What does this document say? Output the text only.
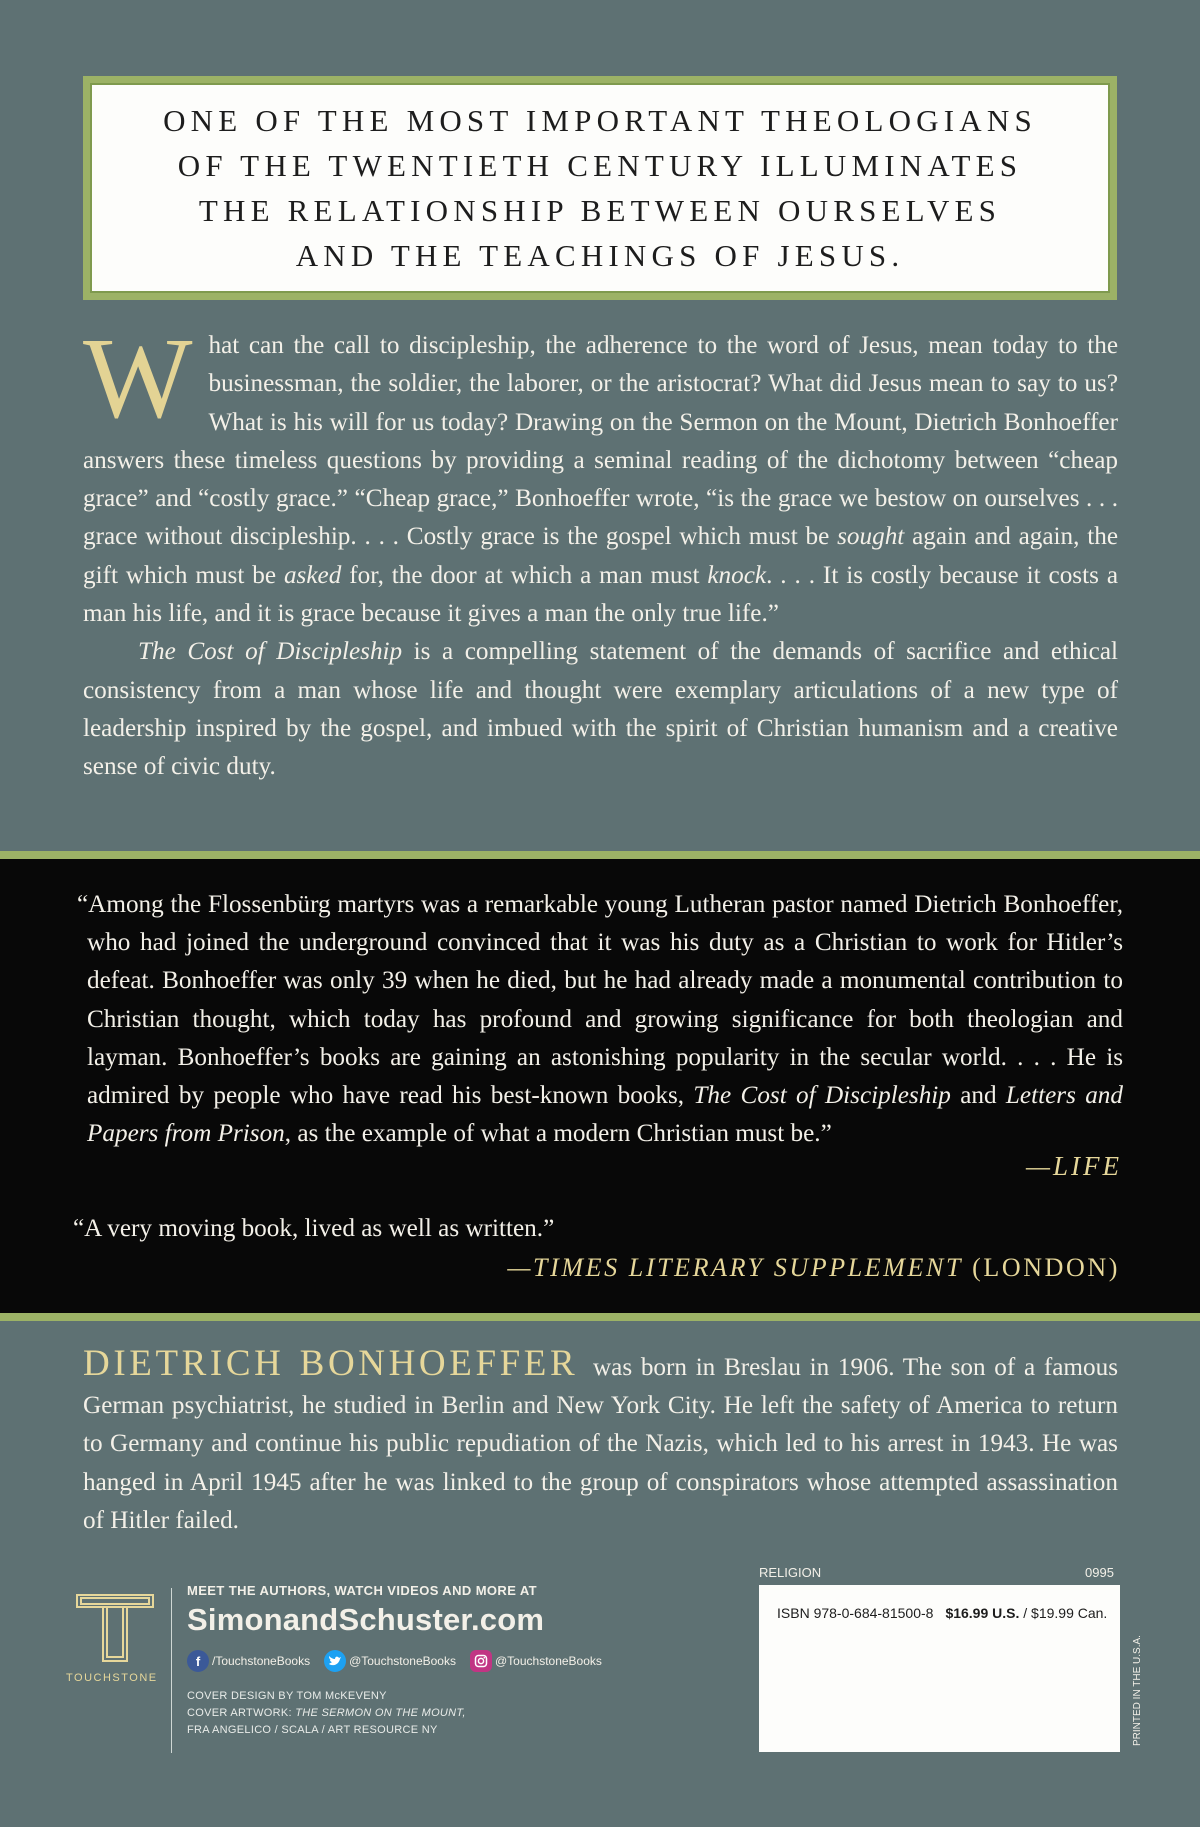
ONE OF THE MOST IMPORTANT THEOLOGIANS
OF THE TWENTIETH CENTURY ILLUMINATES
THE RELATIONSHIP BETWEEN OURSELVES
AND THE TEACHINGS OF JESUS.
W hat can the call to discipleship, the adherence to the word of Jesus, mean today to the businessman, the soldier, the laborer, or the aristocrat? What did Jesus mean to say to us? What is his will for us today? Drawing on the Sermon on the Mount, Dietrich Bonhoeffer answers these timeless questions by providing a seminal reading of the dichotomy between “cheap grace” and “costly grace.” “Cheap grace,” Bonhoeffer wrote, “is the grace we bestow on ourselves . . . grace without discipleship. . . . Costly grace is the gospel which must be sought again and again, the gift which must be asked for, the door at which a man must knock. . . . It is costly because it costs a man his life, and it is grace because it gives a man the only true life.”

The Cost of Discipleship is a compelling statement of the demands of sacrifice and ethical consistency from a man whose life and thought were exemplary articulations of a new type of leadership inspired by the gospel, and imbued with the spirit of Christian humanism and a creative sense of civic duty.

“Among the Flossenbürg martyrs was a remarkable young Lutheran pastor named Dietrich Bonhoeffer, who had joined the underground convinced that it was his duty as a Christian to work for Hitler’s defeat. Bonhoeffer was only 39 when he died, but he had already made a monumental contribution to Christian thought, which today has profound and growing significance for both theologian and layman. Bonhoeffer’s books are gaining an astonishing popularity in the secular world. . . . He is admired by people who have read his best-known books, The Cost of Discipleship and Letters and Papers from Prison, as the example of what a modern Christian must be.”

—LIFE
“A very moving book, lived as well as written.”
—TIMES LITERARY SUPPLEMENT (LONDON)
DIETRICH BONHOEFFER was born in Breslau in 1906. The son of a famous German psychiatrist, he studied in Berlin and New York City. He left the safety of America to return to Germany and continue his public repudiation of the Nazis, which led to his arrest in 1943. He was hanged in April 1945 after he was linked to the group of conspirators whose attempted assassination of Hitler failed.
TOUCHSTONE
MEET THE AUTHORS, WATCH VIDEOS AND MORE AT
SimonandSchuster.com
f /TouchstoneBooks	@TouchstoneBooks	@TouchstoneBooks
COVER DESIGN BY TOM McKEVENY
COVER ARTWORK: THE SERMON ON THE MOUNT,
FRA ANGELICO / SCALA / ART RESOURCE NY
RELIGION	0995
ISBN 978-0-684-81500-8 $16.99 U.S. / $19.99 Can.
PRINTED IN THE U.S.A.
